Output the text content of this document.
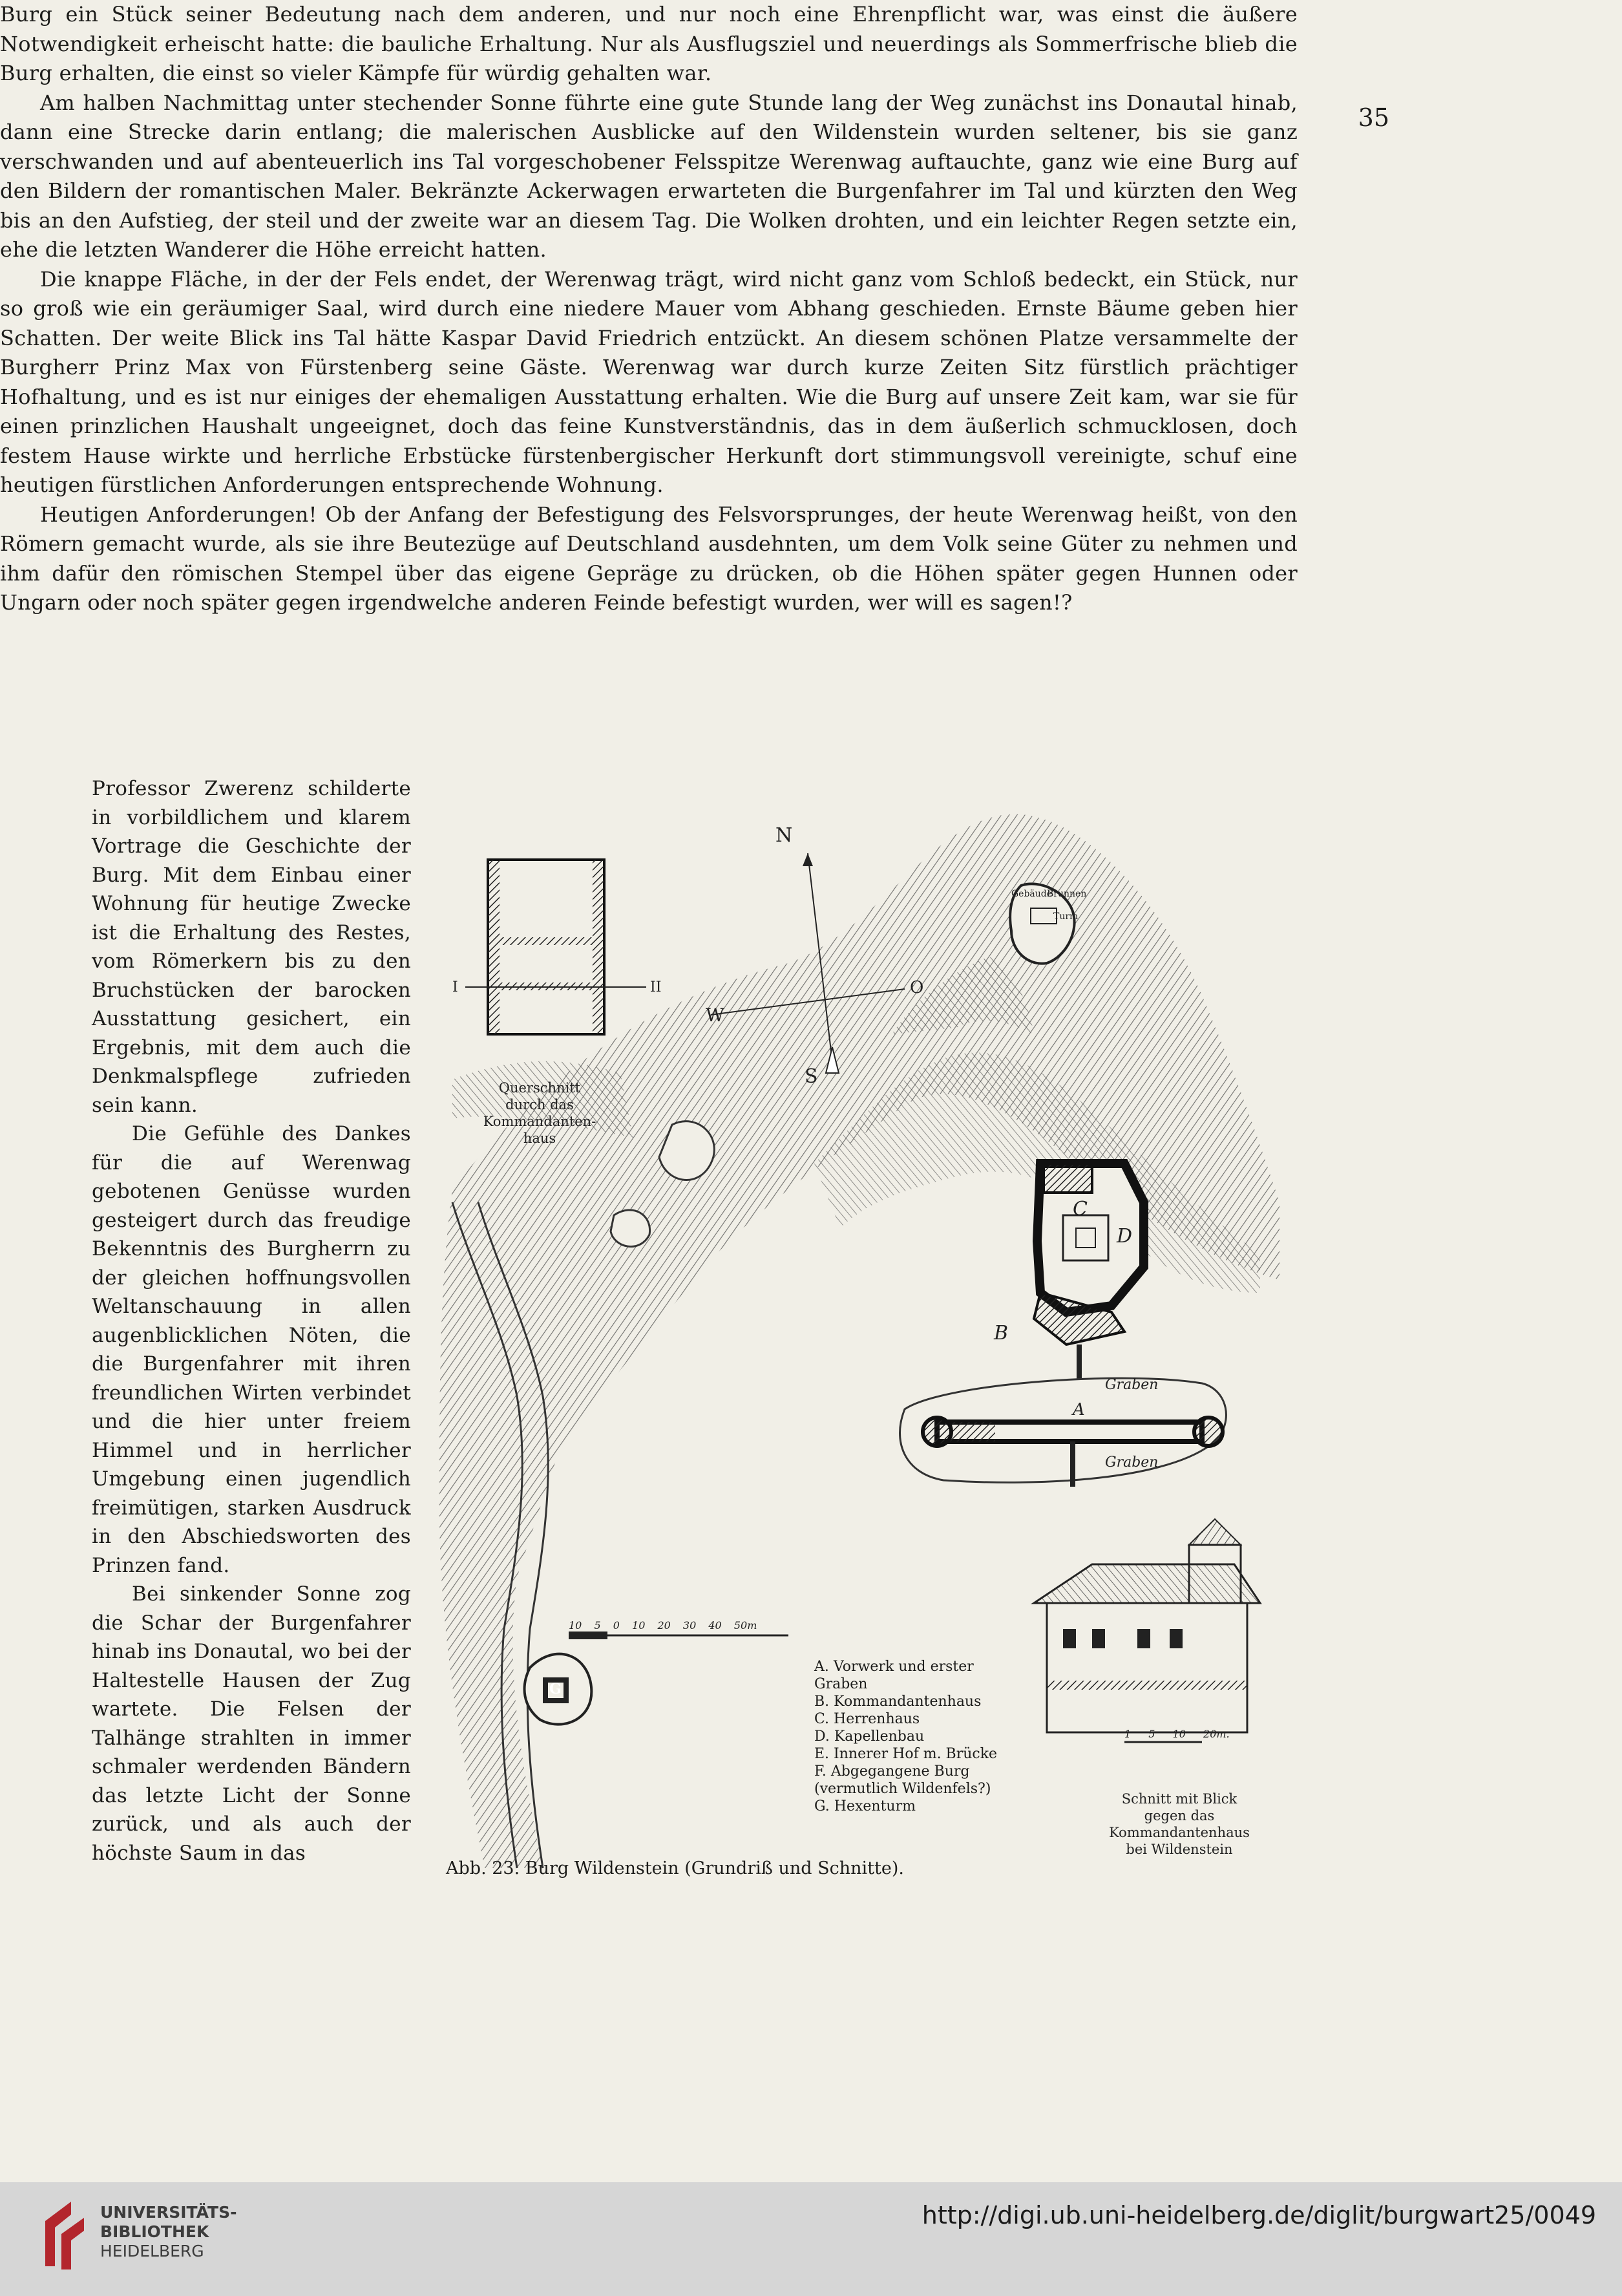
35

Burg ein Stück seiner Bedeutung nach dem anderen, und nur noch eine Ehrenpflicht war, was einst die äußere Notwendigkeit erheischt hatte: die bauliche Erhaltung. Nur als Ausflugsziel und neuerdings als Sommerfrische blieb die Burg erhalten, die einst so vieler Kämpfe für würdig gehalten war.

Am halben Nachmittag unter stechender Sonne führte eine gute Stunde lang der Weg zunächst ins Donautal hinab, dann eine Strecke darin entlang; die malerischen Ausblicke auf den Wildenstein wurden seltener, bis sie ganz verschwanden und auf abenteuerlich ins Tal vorgeschobener Felsspitze Werenwag auftauchte, ganz wie eine Burg auf den Bildern der romantischen Maler. Bekränzte Ackerwagen erwarteten die Burgenfahrer im Tal und kürzten den Weg bis an den Aufstieg, der steil und der zweite war an diesem Tag. Die Wolken drohten, und ein leichter Regen setzte ein, ehe die letzten Wanderer die Höhe erreicht hatten.

Die knappe Fläche, in der der Fels endet, der Werenwag trägt, wird nicht ganz vom Schloß bedeckt, ein Stück, nur so groß wie ein geräumiger Saal, wird durch eine niedere Mauer vom Abhang geschieden. Ernste Bäume geben hier Schatten. Der weite Blick ins Tal hätte Kaspar David Friedrich entzückt. An diesem schönen Platze versammelte der Burgherr Prinz Max von Fürstenberg seine Gäste. Werenwag war durch kurze Zeiten Sitz fürstlich prächtiger Hofhaltung, und es ist nur einiges der ehemaligen Ausstattung erhalten. Wie die Burg auf unsere Zeit kam, war sie für einen prinzlichen Haushalt ungeeignet, doch das feine Kunstverständnis, das in dem äußerlich schmucklosen, doch festem Hause wirkte und herrliche Erbstücke fürstenbergischer Herkunft dort stimmungsvoll vereinigte, schuf eine heutigen fürstlichen Anforderungen entsprechende Wohnung.

Heutigen Anforderungen! Ob der Anfang der Befestigung des Felsvorsprunges, der heute Werenwag heißt, von den Römern gemacht wurde, als sie ihre Beutezüge auf Deutschland ausdehnten, um dem Volk seine Güter zu nehmen und ihm dafür den römischen Stempel über das eigene Gepräge zu drücken, ob die Höhen später gegen Hunnen oder Ungarn oder noch später gegen irgendwelche anderen Feinde befestigt wurden, wer will es sagen!?

Professor Zwerenz schilderte in vorbildlichem und klarem Vortrage die Geschichte der Burg. Mit dem Einbau einer Wohnung für heutige Zwecke ist die Erhaltung des Restes, vom Römerkern bis zu den Bruchstücken der barocken Ausstattung gesichert, ein Ergebnis, mit dem auch die Denkmalspflege zufrieden sein kann.

Die Gefühle des Dankes für die auf Werenwag gebotenen Genüsse wurden gesteigert durch das freudige Bekenntnis des Burgherrn zu der gleichen hoffnungsvollen Weltanschauung in allen augenblicklichen Nöten, die die Burgenfahrer mit ihren freundlichen Wirten verbindet und die hier unter freiem Himmel und in herrlicher Umgebung einen jugendlich freimütigen, starken Ausdruck in den Abschiedsworten des Prinzen fand.

Bei sinkender Sonne zog die Schar der Burgenfahrer hinab ins Donautal, wo bei der Haltestelle Hausen der Zug wartete. Die Felsen der Talhänge strahlten in immer schmaler werdenden Bändern das letzte Licht der Sonne zurück, und als auch der höchste Saum in das

N
W
O
S
I	II
Querschnitt
durch das
Kommandanten-
haus
Gebäude
Brunnen
Turm
C
D
B
A
Graben
Graben
G
10 5 0 10 20 30 40 50m
1 5 10 20m.
Schnitt mit Blick
gegen das Kommandantenhaus
bei Wildenstein
A. Vorwerk und erster Graben
B. Kommandantenhaus
C. Herrenhaus
D. Kapellenbau
E. Innerer Hof m. Brücke
F. Abgegangene Burg (vermutlich Wildenfels?)
G. Hexenturm
Abb. 23. Burg Wildenstein (Grundriß und Schnitte).
UNIVERSITÄTS-
BIBLIOTHEK
HEIDELBERG
http://digi.ub.uni-heidelberg.de/diglit/burgwart25/0049
